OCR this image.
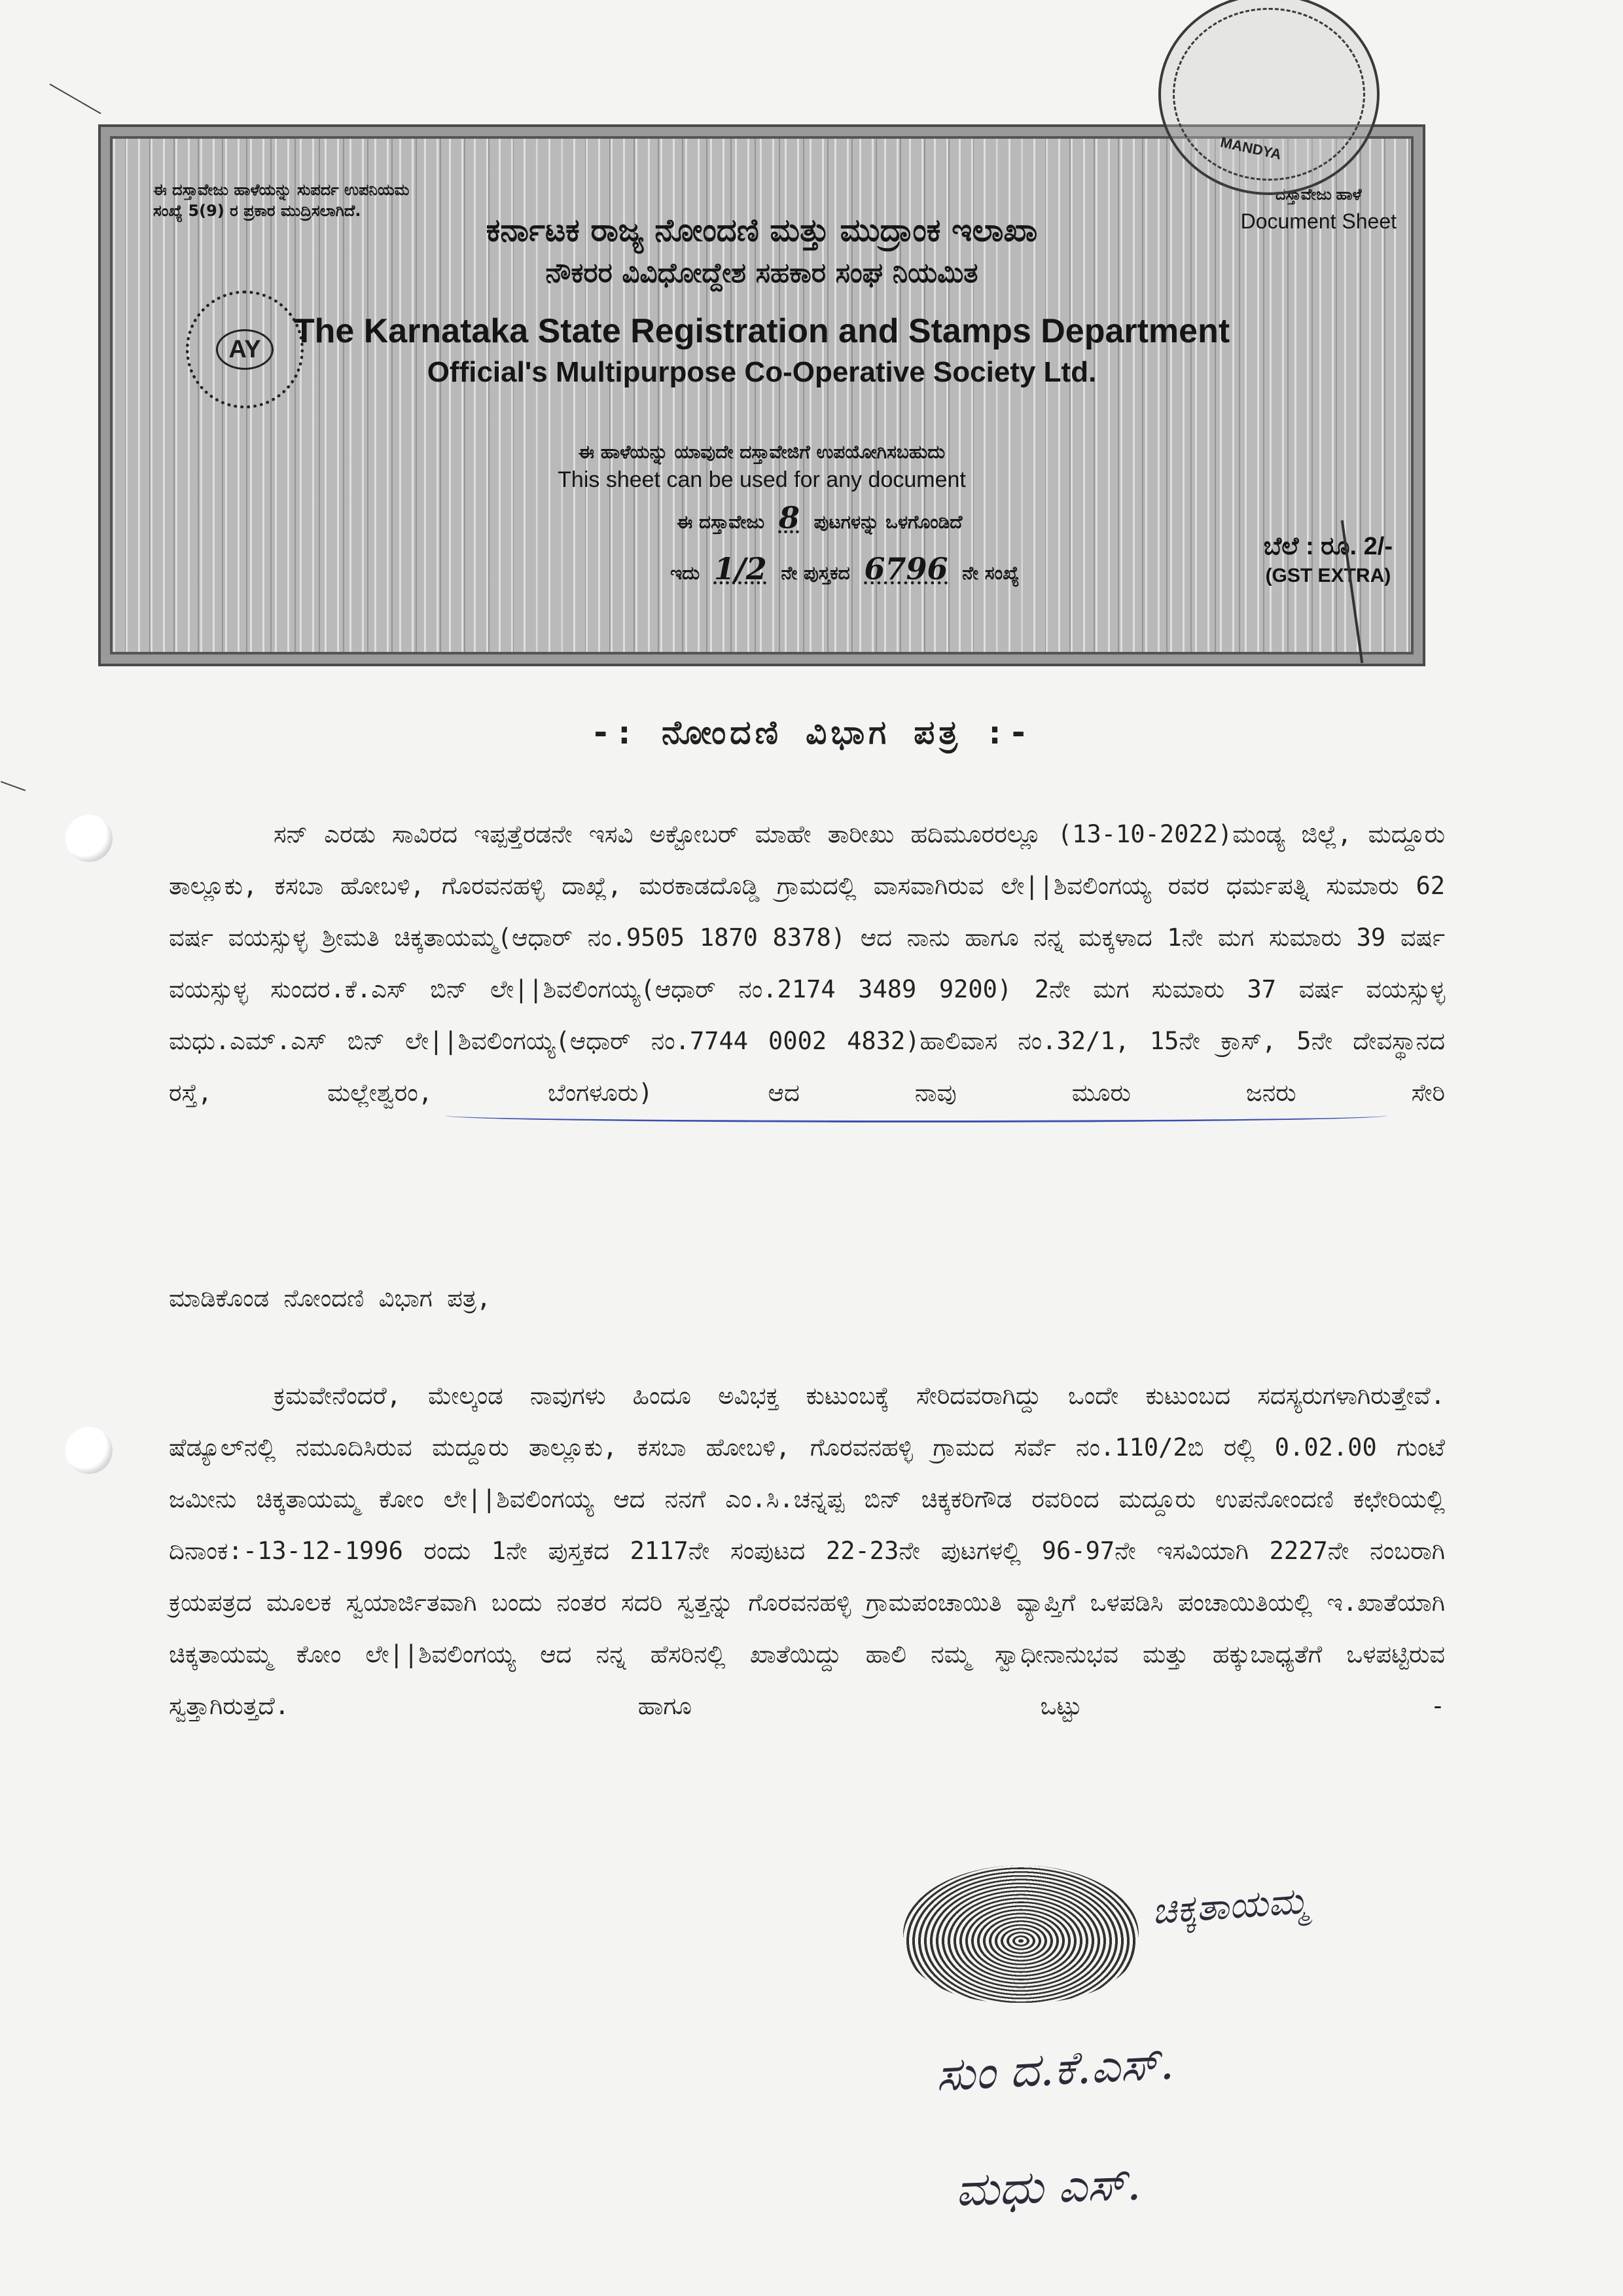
ಈ ದಸ್ತಾವೇಜು ಹಾಳೆಯನ್ನು ಸುಪರ್ದ ಉಪನಿಯಮ ಸಂಖ್ಯೆ 5(9) ರ ಪ್ರಕಾರ ಮುದ್ರಿಸಲಾಗಿದೆ.
ದಸ್ತಾವೇಜು ಹಾಳೆ
Document Sheet
AY
ಕರ್ನಾಟಕ ರಾಜ್ಯ ನೋಂದಣಿ ಮತ್ತು ಮುದ್ರಾಂಕ ಇಲಾಖಾ
ನೌಕರರ ವಿವಿಧೋದ್ದೇಶ ಸಹಕಾರ ಸಂಘ ನಿಯಮಿತ
The Karnataka State Registration and Stamps Department
Official's Multipurpose Co-Operative Society Ltd.
ಈ ಹಾಳೆಯನ್ನು ಯಾವುದೇ ದಸ್ತಾವೇಜಿಗೆ ಉಪಯೋಗಿಸಬಹುದು
This sheet can be used for any document
ಈ ದಸ್ತಾವೇಜು 8 ಪುಟಗಳನ್ನು ಒಳಗೊಂಡಿದೆ
ಇದು 1/2 ನೇ ಪುಸ್ತಕದ 6796 ನೇ ಸಂಖ್ಯೆ
ಬೆಲೆ : ರೂ. 2/-
(GST EXTRA)
MANDYA
-: ನೋಂದಣಿ ವಿಭಾಗ ಪತ್ರ :-

ಸನ್ ಎರಡು ಸಾವಿರದ ಇಪ್ಪತ್ತೆರಡನೇ ಇಸವಿ ಅಕ್ಟೋಬರ್ ಮಾಹೇ ತಾರೀಖು ಹದಿಮೂರರಲ್ಲೂ (13-10-2022)ಮಂಡ್ಯ ಜಿಲ್ಲೆ, ಮದ್ದೂರು ತಾಲ್ಲೂಕು, ಕಸಬಾ ಹೋಬಳಿ, ಗೊರವನಹಳ್ಳಿ ದಾಖ್ಲೆ, ಮರಕಾಡದೊಡ್ಡಿ ಗ್ರಾಮದಲ್ಲಿ ವಾಸವಾಗಿರುವ ಲೇ||ಶಿವಲಿಂಗಯ್ಯ ರವರ ಧರ್ಮಪತ್ನಿ ಸುಮಾರು 62 ವರ್ಷ ವಯಸ್ಸುಳ್ಳ ಶ್ರೀಮತಿ ಚಿಕ್ಕತಾಯಮ್ಮ(ಆಧಾರ್ ನಂ.9505 1870 8378) ಆದ ನಾನು ಹಾಗೂ ನನ್ನ ಮಕ್ಕಳಾದ 1ನೇ ಮಗ ಸುಮಾರು 39 ವರ್ಷ ವಯಸ್ಸುಳ್ಳ ಸುಂದರ.ಕೆ.ಎಸ್ ಬಿನ್ ಲೇ||ಶಿವಲಿಂಗಯ್ಯ(ಆಧಾರ್ ನಂ.2174 3489 9200) 2ನೇ ಮಗ ಸುಮಾರು 37 ವರ್ಷ ವಯಸ್ಸುಳ್ಳ ಮಧು.ಎಮ್.ಎಸ್ ಬಿನ್ ಲೇ||ಶಿವಲಿಂಗಯ್ಯ(ಆಧಾರ್ ನಂ.7744 0002 4832)ಹಾಲಿವಾಸ ನಂ.32/1, 15ನೇ ಕ್ರಾಸ್, 5ನೇ ದೇವಸ್ಥಾನದ ರಸ್ತೆ, ಮಲ್ಲೇಶ್ವರಂ, ಬೆಂಗಳೂರು) ಆದ ನಾವು ಮೂರು ಜನರು ಸೇರಿ

ಮಾಡಿಕೊಂಡ ನೋಂದಣಿ ವಿಭಾಗ ಪತ್ರ,

ಕ್ರಮವೇನೆಂದರೆ, ಮೇಲ್ಕಂಡ ನಾವುಗಳು ಹಿಂದೂ ಅವಿಭಕ್ತ ಕುಟುಂಬಕ್ಕೆ ಸೇರಿದವರಾಗಿದ್ದು ಒಂದೇ ಕುಟುಂಬದ ಸದಸ್ಯರುಗಳಾಗಿರುತ್ತೇವೆ. ಷೆಡ್ಯೂಲ್‌ನಲ್ಲಿ ನಮೂದಿಸಿರುವ ಮದ್ದೂರು ತಾಲ್ಲೂಕು, ಕಸಬಾ ಹೋಬಳಿ, ಗೊರವನಹಳ್ಳಿ ಗ್ರಾಮದ ಸರ್ವೆ ನಂ.110/2ಬಿ ರಲ್ಲಿ 0.02.00 ಗುಂಟೆ ಜಮೀನು ಚಿಕ್ಕತಾಯಮ್ಮ ಕೋಂ ಲೇ||ಶಿವಲಿಂಗಯ್ಯ ಆದ ನನಗೆ ಎಂ.ಸಿ.ಚನ್ನಪ್ಪ ಬಿನ್ ಚಿಕ್ಕಕರಿಗೌಡ ರವರಿಂದ ಮದ್ದೂರು ಉಪನೋಂದಣಿ ಕಛೇರಿಯಲ್ಲಿ ದಿನಾಂಕ:-13-12-1996 ರಂದು 1ನೇ ಪುಸ್ತಕದ 2117ನೇ ಸಂಪುಟದ 22-23ನೇ ಪುಟಗಳಲ್ಲಿ 96-97ನೇ ಇಸವಿಯಾಗಿ 2227ನೇ ನಂಬರಾಗಿ ಕ್ರಯಪತ್ರದ ಮೂಲಕ ಸ್ವಯಾರ್ಜಿತವಾಗಿ ಬಂದು ನಂತರ ಸದರಿ ಸ್ವತ್ತನ್ನು ಗೊರವನಹಳ್ಳಿ ಗ್ರಾಮಪಂಚಾಯಿತಿ ವ್ಯಾಪ್ತಿಗೆ ಒಳಪಡಿಸಿ ಪಂಚಾಯಿತಿಯಲ್ಲಿ ಇ.ಖಾತೆಯಾಗಿ ಚಿಕ್ಕತಾಯಮ್ಮ ಕೋಂ ಲೇ||ಶಿವಲಿಂಗಯ್ಯ ಆದ ನನ್ನ ಹೆಸರಿನಲ್ಲಿ ಖಾತೆಯಿದ್ದು ಹಾಲಿ ನಮ್ಮ ಸ್ವಾಧೀನಾನುಭವ ಮತ್ತು ಹಕ್ಕುಬಾಧ್ಯತೆಗೆ ಒಳಪಟ್ಟಿರುವ ಸ್ವತ್ತಾಗಿರುತ್ತದೆ. ಹಾಗೂ ಒಟ್ಟು -

ಚಿಕ್ಕತಾಯಮ್ಮ
ಸುಂ ದ.ಕೆ.ಎಸ್.
ಮಧು ಎಸ್.
